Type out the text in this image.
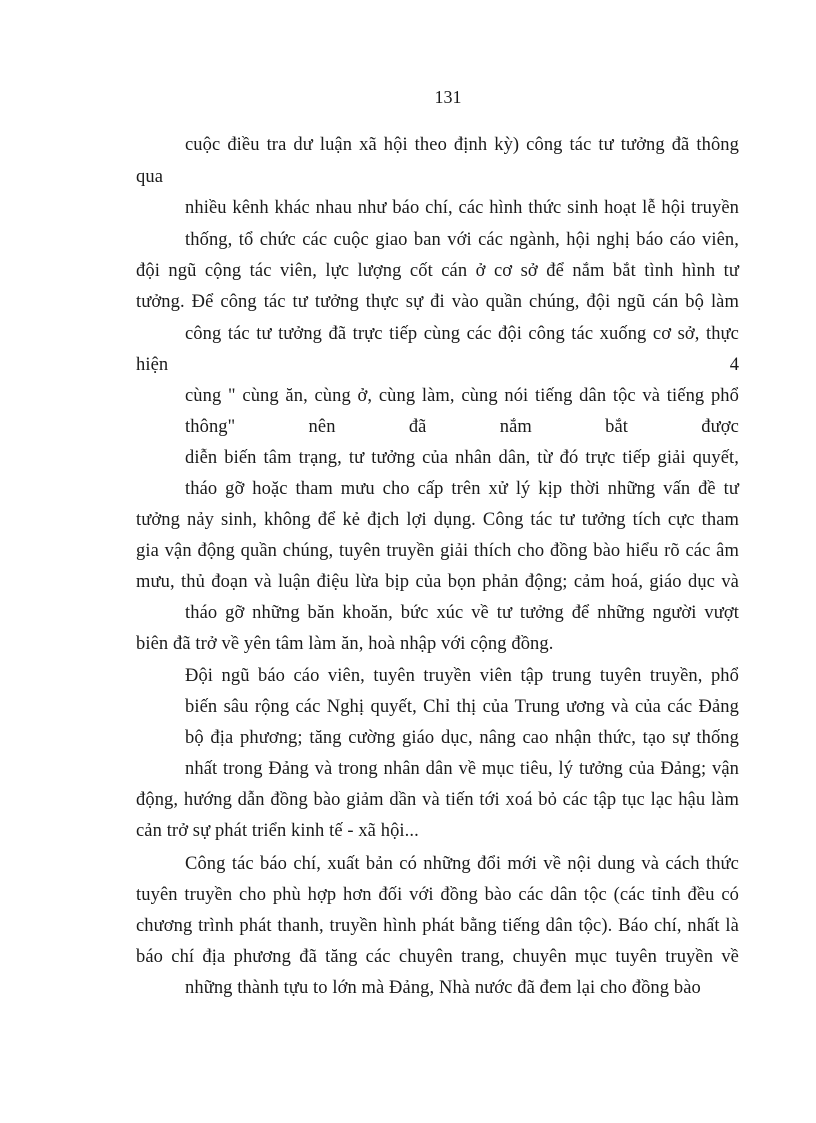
131
cuộc điều tra dư luận xã hội theo định kỳ) công tác tư tưởng đã thông
qua
nhiều kênh khác nhau như báo chí, các hình thức sinh hoạt lễ hội truyền
thống, tổ chức các cuộc giao ban với các ngành, hội nghị báo cáo viên,
đội ngũ cộng tác viên, lực lượng cốt cán ở cơ sở để nắm bắt tình hình tư
tưởng. Để công tác tư tưởng thực sự đi vào quần chúng, đội ngũ cán bộ làm
công tác tư tưởng đã trực tiếp cùng các đội công tác xuống cơ sở, thực
hiện	4
cùng " cùng ăn, cùng ở, cùng làm, cùng nói tiếng dân tộc và tiếng phổ
thông"	nên	đã	nắm	bắt	được
diễn biến tâm trạng, tư tưởng của nhân dân, từ đó trực tiếp giải quyết,
tháo gỡ hoặc tham mưu cho cấp trên xử lý kịp thời những vấn đề tư
tưởng nảy sinh, không để kẻ địch lợi dụng. Công tác tư tưởng tích cực tham
gia vận động quần chúng, tuyên truyền giải thích cho đồng bào hiểu rõ các âm
mưu, thủ đoạn và luận điệu lừa bịp của bọn phản động; cảm hoá, giáo dục và
tháo gỡ những băn khoăn, bức xúc về tư tưởng để những người vượt
biên đã trở về yên tâm làm ăn, hoà nhập với cộng đồng.
Đội ngũ báo cáo viên, tuyên truyền viên tập trung tuyên truyền, phổ
biến sâu rộng các Nghị quyết, Chỉ thị của Trung ương và của các Đảng
bộ địa phương; tăng cường giáo dục, nâng cao nhận thức, tạo sự thống
nhất trong Đảng và trong nhân dân về mục tiêu, lý tưởng của Đảng; vận
động, hướng dẫn đồng bào giảm dần và tiến tới xoá bỏ các tập tục lạc hậu làm
cản trở sự phát triển kinh tế - xã hội...
Công tác báo chí, xuất bản có những đổi mới về nội dung và cách thức
tuyên truyền cho phù hợp hơn đối với đồng bào các dân tộc (các tỉnh đều có
chương trình phát thanh, truyền hình phát bằng tiếng dân tộc). Báo chí, nhất là
báo chí địa phương đã tăng các chuyên trang, chuyên mục tuyên truyền về
những thành tựu to lớn mà Đảng, Nhà nước đã đem lại cho đồng bào
